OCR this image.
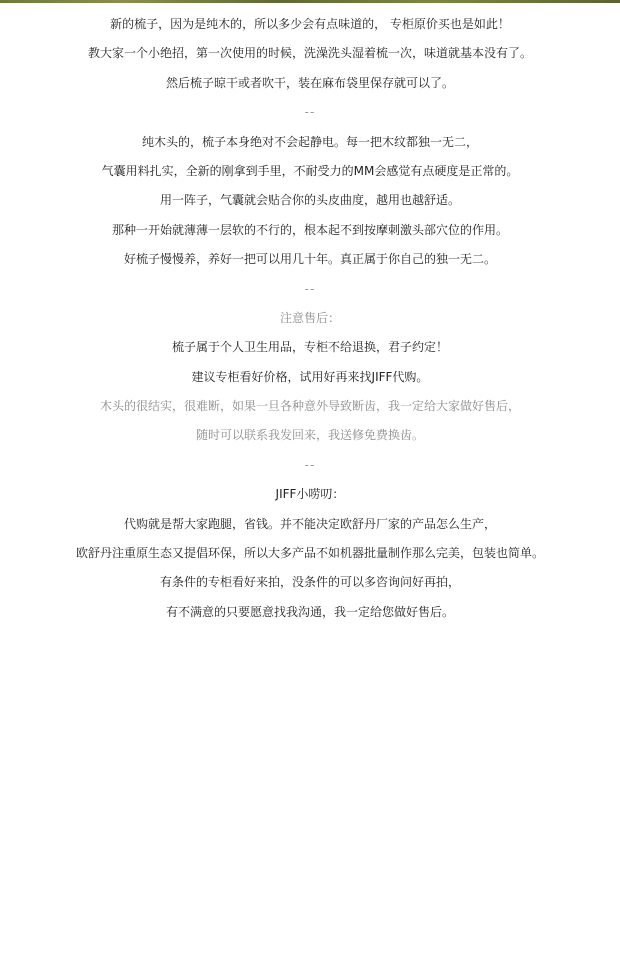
新的梳子，因为是纯木的，所以多少会有点味道的， 专柜原价买也是如此！
教大家一个小绝招，第一次使用的时候，洗澡洗头湿着梳一次，味道就基本没有了。
然后梳子晾干或者吹干，装在麻布袋里保存就可以了。
--
纯木头的，梳子本身绝对不会起静电。每一把木纹都独一无二，
气囊用料扎实，全新的刚拿到手里，不耐受力的MM会感觉有点硬度是正常的。
用一阵子，气囊就会贴合你的头皮曲度，越用也越舒适。
那种一开始就薄薄一层软的不行的，根本起不到按摩刺激头部穴位的作用。
好梳子慢慢养，养好一把可以用几十年。真正属于你自己的独一无二。
--
注意售后：
梳子属于个人卫生用品，专柜不给退换，君子约定！
建议专柜看好价格，试用好再来找JIFF代购。
木头的很结实，很难断，如果一旦各种意外导致断齿，我一定给大家做好售后，
随时可以联系我发回来，我送修免费换齿。
--
JIFF小唠叨：
代购就是帮大家跑腿，省钱。并不能决定欧舒丹厂家的产品怎么生产，
欧舒丹注重原生态又提倡环保，所以大多产品不如机器批量制作那么完美，包装也简单。
有条件的专柜看好来拍，没条件的可以多咨询问好再拍，
有不满意的只要愿意找我沟通，我一定给您做好售后。
